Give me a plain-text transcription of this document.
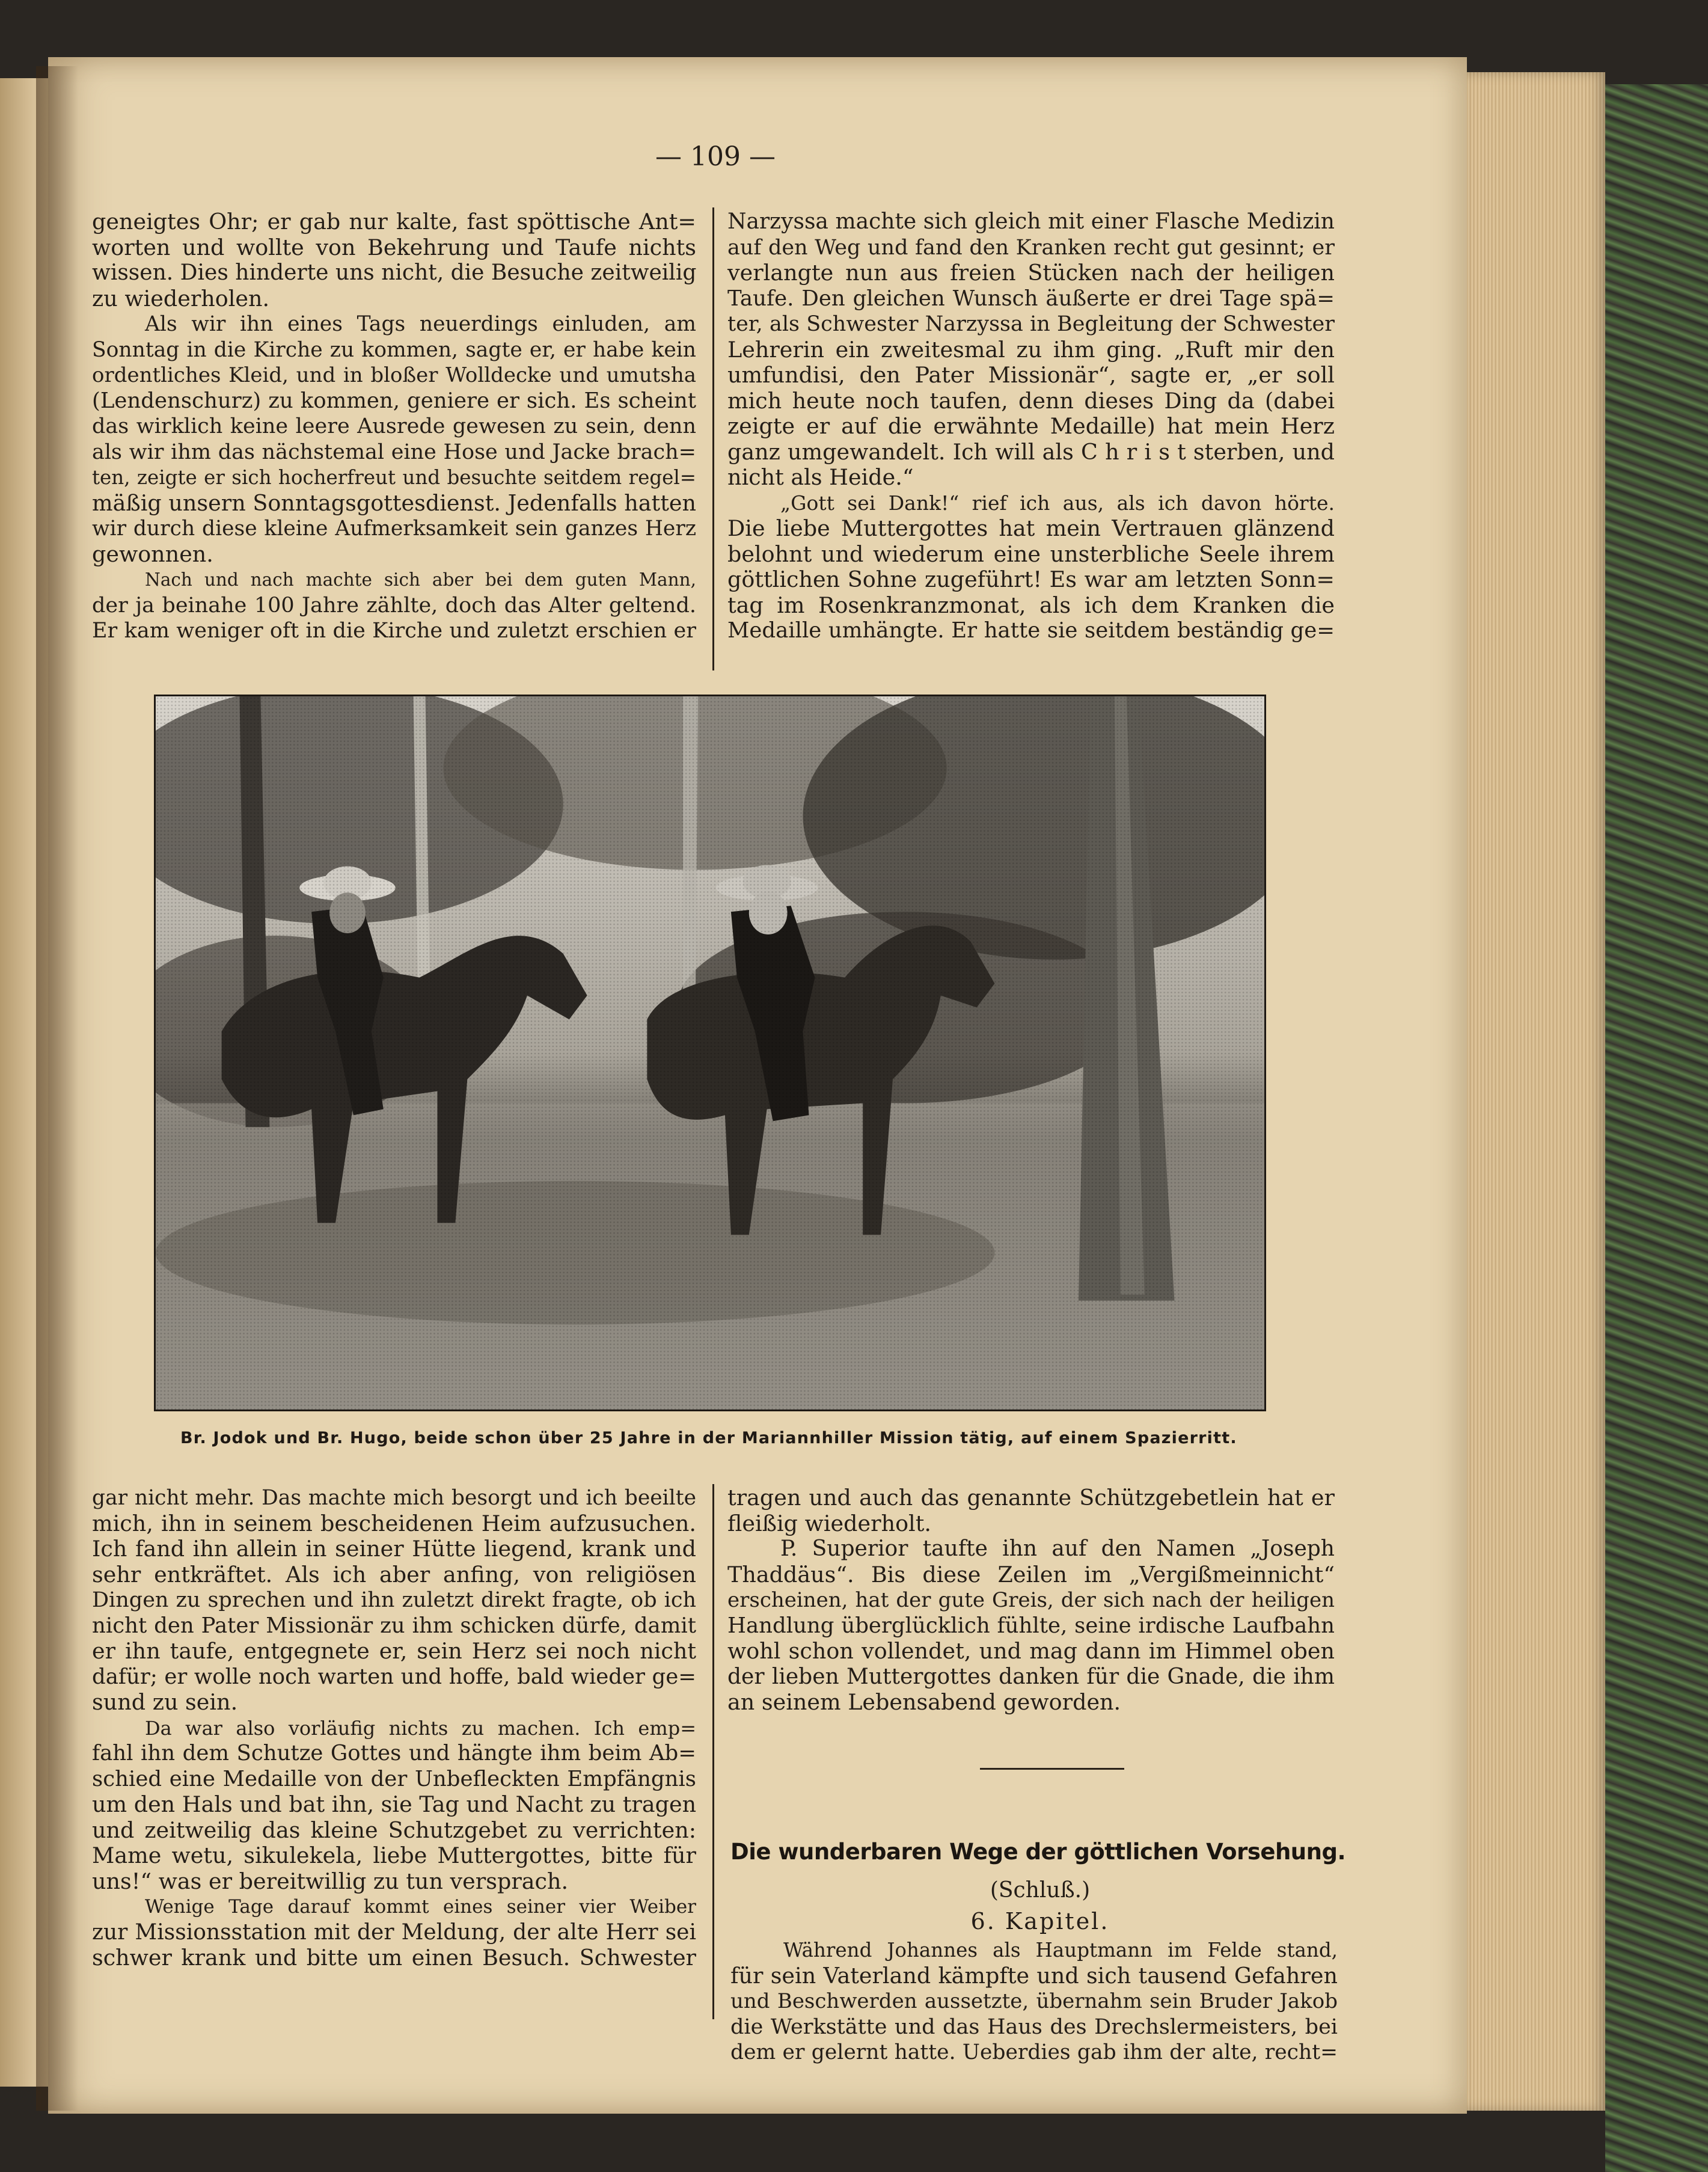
— 109 —

geneigtes Ohr; er gab nur kalte, fast spöttische Ant=

worten und wollte von Bekehrung und Taufe nichts

wissen. Dies hinderte uns nicht, die Besuche zeitweilig

zu wiederholen.

Als wir ihn eines Tags neuerdings einluden, am

Sonntag in die Kirche zu kommen, sagte er, er habe kein

ordentliches Kleid, und in bloßer Wolldecke und umutsha

(Lendenschurz) zu kommen, geniere er sich. Es scheint

das wirklich keine leere Ausrede gewesen zu sein, denn

als wir ihm das nächstemal eine Hose und Jacke brach=

ten, zeigte er sich hocherfreut und besuchte seitdem regel=

mäßig unsern Sonntagsgottesdienst. Jedenfalls hatten

wir durch diese kleine Aufmerksamkeit sein ganzes Herz

gewonnen.

Nach und nach machte sich aber bei dem guten Mann,

der ja beinahe 100 Jahre zählte, doch das Alter geltend.

Er kam weniger oft in die Kirche und zuletzt erschien er

Narzyssa machte sich gleich mit einer Flasche Medizin

auf den Weg und fand den Kranken recht gut gesinnt; er

verlangte nun aus freien Stücken nach der heiligen

Taufe. Den gleichen Wunsch äußerte er drei Tage spä=

ter, als Schwester Narzyssa in Begleitung der Schwester

Lehrerin ein zweitesmal zu ihm ging. „Ruft mir den

umfundisi, den Pater Missionär“, sagte er, „er soll

mich heute noch taufen, denn dieses Ding da (dabei

zeigte er auf die erwähnte Medaille) hat mein Herz

ganz umgewandelt. Ich will als C h r i s t sterben, und

nicht als Heide.“

„Gott sei Dank!“ rief ich aus, als ich davon hörte.

Die liebe Muttergottes hat mein Vertrauen glänzend

belohnt und wiederum eine unsterbliche Seele ihrem

göttlichen Sohne zugeführt! Es war am letzten Sonn=

tag im Rosenkranzmonat, als ich dem Kranken die

Medaille umhängte. Er hatte sie seitdem beständig ge=

Br. Jodok und Br. Hugo, beide schon über 25 Jahre in der Mariannhiller Mission tätig, auf einem Spazierritt.

gar nicht mehr. Das machte mich besorgt und ich beeilte

mich, ihn in seinem bescheidenen Heim aufzusuchen.

Ich fand ihn allein in seiner Hütte liegend, krank und

sehr entkräftet. Als ich aber anfing, von religiösen

Dingen zu sprechen und ihn zuletzt direkt fragte, ob ich

nicht den Pater Missionär zu ihm schicken dürfe, damit

er ihn taufe, entgegnete er, sein Herz sei noch nicht

dafür; er wolle noch warten und hoffe, bald wieder ge=

sund zu sein.

Da war also vorläufig nichts zu machen. Ich emp=

fahl ihn dem Schutze Gottes und hängte ihm beim Ab=

schied eine Medaille von der Unbefleckten Empfängnis

um den Hals und bat ihn, sie Tag und Nacht zu tragen

und zeitweilig das kleine Schutzgebet zu verrichten:

Mame wetu, sikulekela, liebe Muttergottes, bitte für

uns!“ was er bereitwillig zu tun versprach.

Wenige Tage darauf kommt eines seiner vier Weiber

zur Missionsstation mit der Meldung, der alte Herr sei

schwer krank und bitte um einen Besuch. Schwester

tragen und auch das genannte Schützgebetlein hat er

fleißig wiederholt.

P. Superior taufte ihn auf den Namen „Joseph

Thaddäus“. Bis diese Zeilen im „Vergißmeinnicht“

erscheinen, hat der gute Greis, der sich nach der heiligen

Handlung überglücklich fühlte, seine irdische Laufbahn

wohl schon vollendet, und mag dann im Himmel oben

der lieben Muttergottes danken für die Gnade, die ihm

an seinem Lebensabend geworden.

Die wunderbaren Wege der göttlichen Vorsehung.
(Schluß.)
6. Kapitel.

Während Johannes als Hauptmann im Felde stand,

für sein Vaterland kämpfte und sich tausend Gefahren

und Beschwerden aussetzte, übernahm sein Bruder Jakob

die Werkstätte und das Haus des Drechslermeisters, bei

dem er gelernt hatte. Ueberdies gab ihm der alte, recht=
